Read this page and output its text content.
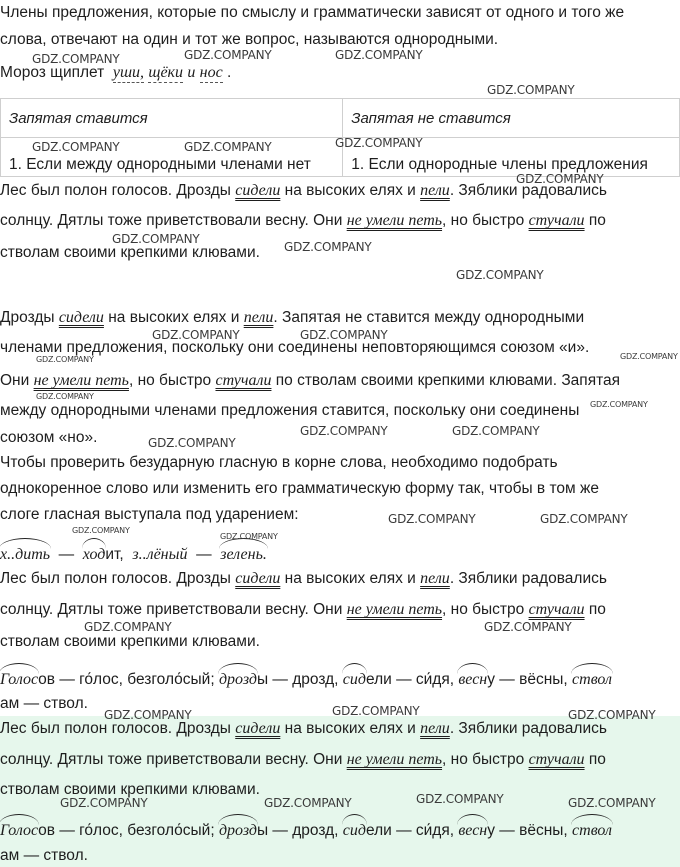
Члены предложения, которые по смыслу и грамматически зависят от одного и того же
слова, отвечают на один и тот же вопрос, называются однородными.
Мороз щиплет уши, щёки и нос .
Запятая ставится	Запятая не ставится
1. Если между однородными членами нет	1. Если однородные члены предложения
Лес был полон голосов. Дрозды сидели на высоких елях и пели. Зяблики радовались
солнцу. Дятлы тоже приветствовали весну. Они не умели петь, но быстро стучали по
стволам своими крепкими клювами.
Дрозды сидели на высоких елях и пели. Запятая не ставится между однородными
членами предложения, поскольку они соединены неповторяющимся союзом «и».
Они не умели петь, но быстро стучали по стволам своими крепкими клювами. Запятая
между однородными членами предложения ставится, поскольку они соединены
союзом «но».
Чтобы проверить безударную гласную в корне слова, необходимо подобрать
однокоренное слово или изменить его грамматическую форму так, чтобы в том же
слоге гласная выступала под ударением:
х..дить — ходит, з..лёный — зелень.
Лес был полон голосов. Дрозды сидели на высоких елях и пели. Зяблики радовались
солнцу. Дятлы тоже приветствовали весну. Они не умели петь, но быстро стучали по
стволам своими крепкими клювами.
Голосов — го́лос, безголо́сый; дрозды — дрозд, сидели — си́дя, весну — вёсны, ствол
ам — ствол.
Лес был полон голосов. Дрозды сидели на высоких елях и пели. Зяблики радовались
солнцу. Дятлы тоже приветствовали весну. Они не умели петь, но быстро стучали по
стволам своими крепкими клювами.
Голосов — го́лос, безголо́сый; дрозды — дрозд, сидели — си́дя, весну — вёсны, ствол
ам — ствол.
GDZ.COMPANY	GDZ.COMPANY	GDZ.COMPANY
GDZ.COMPANY
GDZ.COMPANY	GDZ.COMPANY	GDZ.COMPANY
GDZ.COMPANY
GDZ.COMPANY
GDZ.COMPANY
GDZ.COMPANY
GDZ.COMPANY	GDZ.COMPANY
GDZ.COMPANY	GDZ.COMPANY
GDZ.COMPANY
GDZ.COMPANY
GDZ.COMPANY
GDZ.COMPANY	GDZ.COMPANY
GDZ.COMPANY	GDZ.COMPANY
GDZ.COMPANY
GDZ.COMPANY
GDZ.COMPANY	GDZ.COMPANY
GDZ.COMPANY	GDZ.COMPANY	GDZ.COMPANY
GDZ.COMPANY	GDZ.COMPANY	GDZ.COMPANY	GDZ.COMPANY
